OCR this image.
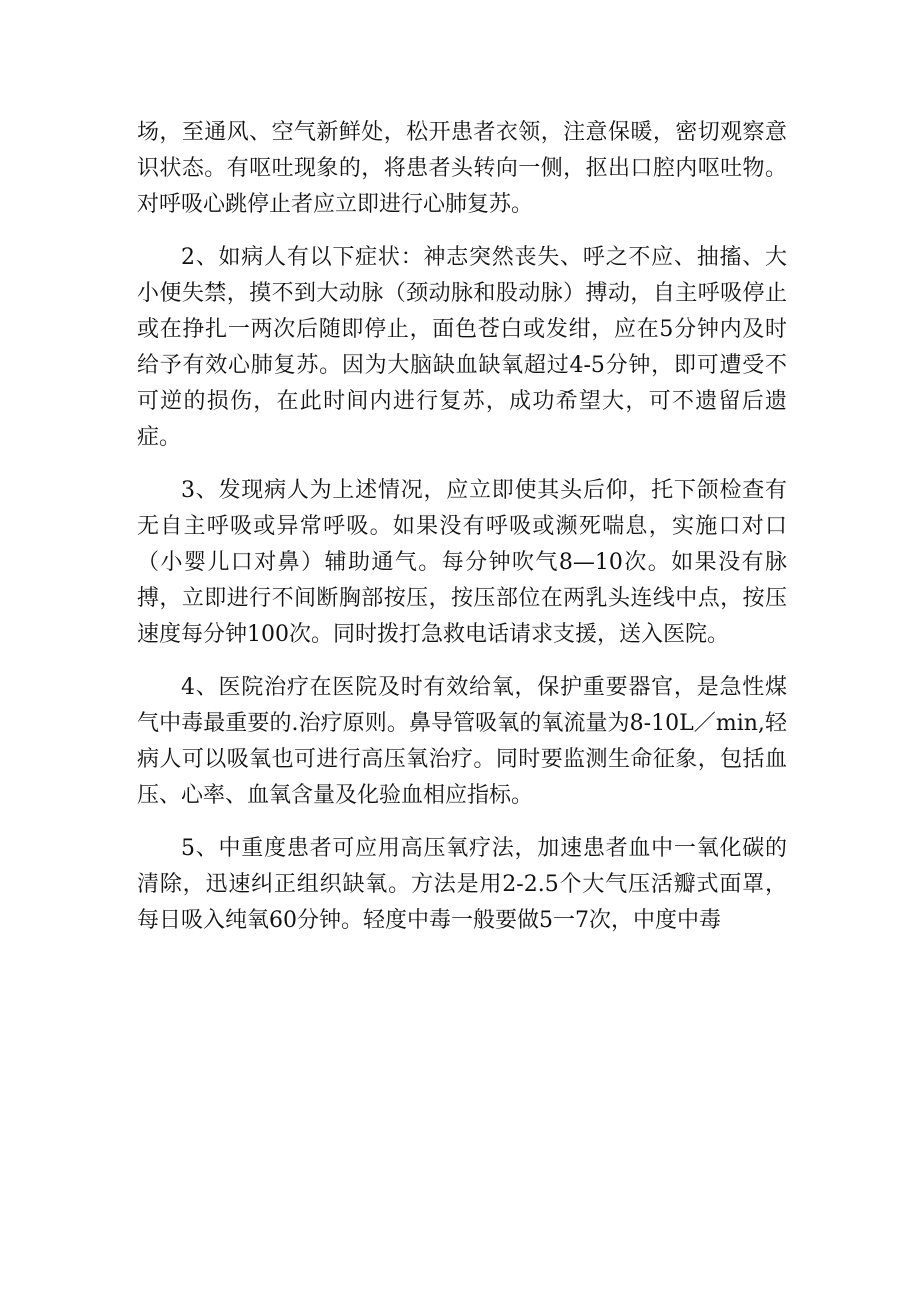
场，至通风、空气新鲜处，松开患者衣领，注意保暖，密切观察意识状态。有呕吐现象的，将患者头转向一侧，抠出口腔内呕吐物。对呼吸心跳停止者应立即进行心肺复苏。

2、如病人有以下症状：神志突然丧失、呼之不应、抽搐、大小便失禁，摸不到大动脉（颈动脉和股动脉）搏动，自主呼吸停止或在挣扎一两次后随即停止，面色苍白或发绀，应在5分钟内及时给予有效心肺复苏。因为大脑缺血缺氧超过4-5分钟，即可遭受不可逆的损伤，在此时间内进行复苏，成功希望大，可不遗留后遗症。

3、发现病人为上述情况，应立即使其头后仰，托下颌检查有无自主呼吸或异常呼吸。如果没有呼吸或濒死喘息，实施口对口（小婴儿口对鼻）辅助通气。每分钟吹气8—10次。如果没有脉搏，立即进行不间断胸部按压，按压部位在两乳头连线中点，按压速度每分钟100次。同时拨打急救电话请求支援，送入医院。

4、医院治疗在医院及时有效给氧，保护重要器官，是急性煤气中毒最重要的.治疗原则。鼻导管吸氧的氧流量为8-10L／min,轻病人可以吸氧也可进行高压氧治疗。同时要监测生命征象，包括血压、心率、血氧含量及化验血相应指标。

5、中重度患者可应用高压氧疗法，加速患者血中一氧化碳的清除，迅速纠正组织缺氧。方法是用2-2.5个大气压活瓣式面罩，每日吸入纯氧60分钟。轻度中毒一般要做5一7次，中度中毒
